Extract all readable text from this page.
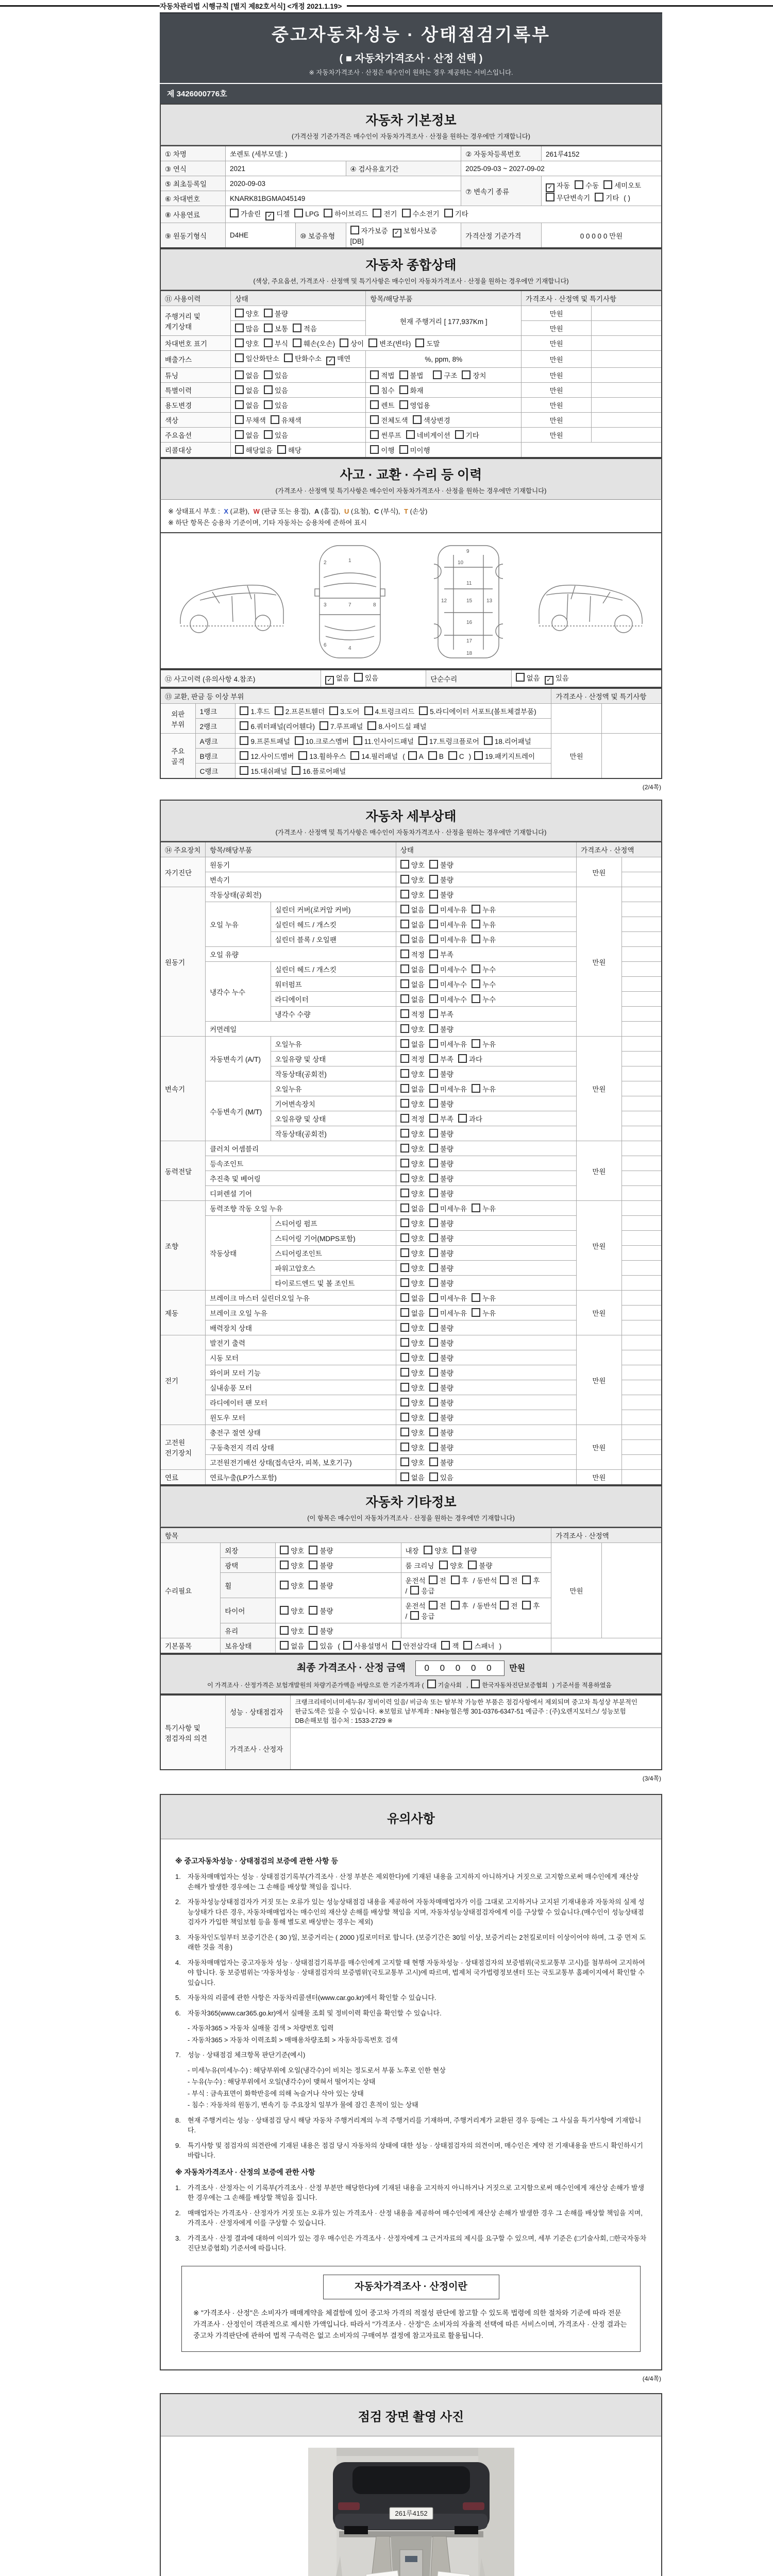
자동차관리법 시행규칙 [별지 제82호서식] <개정 2021.1.19>
중고자동차성능 · 상태점검기록부
( ■ 자동차가격조사 · 산정 선택 )
※ 자동차가격조사 · 산정은 매수인이 원하는 경우 제공하는 서비스입니다.
제 3426000776호
자동차 기본정보
(가격산정 기준가격은 매수인이 자동차가격조사 · 산정을 원하는 경우에만 기재합니다)
① 차명	쏘렌토 (세부모델: )			② 자동차등록번호	261루4152
③ 연식	2021		④ 검사유효기간	2025-09-03 ~ 2027-09-02	
⑤ 최초등록일	2020-09-03			⑦ 변속기 종류	✓자동 수동 세미오토무단변속기 기타 ( )
⑥ 차대번호	KNARK81BGMA045149				
⑧ 사용연료	가솔린 ✓ 디젤 LPG 하이브리드 전기 수소전기 기타
⑨ 원동기형식	D4HE	⑩ 보증유형	자가보증 ✓ 보험사보증[DB]	가격산정 기준가격	0 0 0 0 0 만원
자동차 종합상태
(색상, 주요옵션, 가격조사 · 산정액 및 특기사항은 매수인이 자동차가격조사 · 산정을 원하는 경우에만 기재합니다)
⑪ 사용이력	상태	항목/해당부품	가격조사 · 산정액 및 특기사항	
주행거리 및 계기상태	양호 불량	현재 주행거리 [ 177,937Km ]	만원	
	많음 보통 적음		만원	
차대번호 표기	양호 부식 훼손(오손) 상이 변조(변타) 도말		만원	
배출가스	일산화탄소 탄화수소 ✓ 매연	%, ppm, 8%	만원	
튜닝	없음 있음	적법 불법 구조 장치	만원	
특별이력	없음 있음	침수 화재	만원	
용도변경	없음 있음	렌트 영업용	만원	
색상	무채색 유채색	전체도색 색상변경	만원	
주요옵션	없음 있음	썬루프 네비게이션 기타	만원	
리콜대상	해당없음 해당	이행 미이행		
사고 · 교환 · 수리 등 이력
(가격조사 · 산정액 및 특기사항은 매수인이 자동차가격조사 · 산정을 원하는 경우에만 기재합니다)
※ 상태표시 부호 : X (교환), W (판금 또는 용접), A (흠집), U (요철), C (부식), T (손상)
※ 하단 항목은 승용차 기준이며, 기타 자동차는 승용차에 준하여 표시
1
7
4
2
3
6
8
9
10
11
12	13
15
16
17
18
⑫ 사고이력 (유의사항 4.참조)	✓없음 있음	단순수리	없음 ✓ 있음
⑬ 교환, 판금 등 이상 부위			가격조사 · 산정액 및 특기사항	
외판 부위	1랭크	1.후드 2.프론트휀더 3.도어 4.트렁크리드 5.라디에이터 서포트(볼트체결부품)		
	2랭크	6.쿼터패널(리어휀다) 7.루프패널 8.사이드실 패널		
주요 골격	A랭크	9.프론트패널 10.크로스멤버 11.인사이드패널 17.트렁크플로어 18.리어패널	만원	
	B랭크	12.사이드멤버 13.휠하우스 14.필러패널 ( A B C ) 19.패키지트레이		
	C랭크	15.대쉬패널 16.플로어패널		
(2/4쪽)
자동차 세부상태
(가격조사 · 산정액 및 특기사항은 매수인이 자동차가격조사 · 산정을 원하는 경우에만 기재합니다)
⑭ 주요장치	항목/해당부품		상태	가격조사 · 산정액	
자기진단	원동기		양호 불량	만원	
	변속기		양호 불량		
원동기	작동상태(공회전)		양호 불량	만원	
	오일 누유	실린더 커버(로커암 커버)	없음 미세누유 누유		
		실린더 헤드 / 개스킷	없음 미세누유 누유		
		실린더 블록 / 오일팬	없음 미세누유 누유		
	오일 유량		적정 부족		
	냉각수 누수	실린더 헤드 / 개스킷	없음 미세누수 누수		
		워터펌프	없음 미세누수 누수		
		라디에이터	없음 미세누수 누수		
		냉각수 수량	적정 부족		
	커먼레일		양호 불량		
변속기	자동변속기 (A/T)	오일누유	없음 미세누유 누유	만원	
		오일유량 및 상태	적정 부족 과다		
		작동상태(공회전)	양호 불량		
	수동변속기 (M/T)	오일누유	없음 미세누유 누유		
		기어변속장치	양호 불량		
		오일유량 및 상태	적정 부족 과다		
		작동상태(공회전)	양호 불량		
동력전달	클러치 어셈블리		양호 불량	만원	
	등속조인트		양호 불량		
	추진축 및 베어링		양호 불량		
	디퍼렌셜 기어		양호 불량		
조향	동력조향 작동 오일 누유		없음 미세누유 누유	만원	
	작동상태	스티어링 펌프	양호 불량		
		스티어링 기어(MDPS포함)	양호 불량		
		스티어링조인트	양호 불량		
		파워고압호스	양호 불량		
		타이로드엔드 및 볼 조인트	양호 불량		
제동	브레이크 마스터 실린더오일 누유		없음 미세누유 누유	만원	
	브레이크 오일 누유		없음 미세누유 누유		
	배력장치 상태		양호 불량		
전기	발전기 출력		양호 불량	만원	
	시동 모터		양호 불량		
	와이퍼 모터 기능		양호 불량		
	실내송풍 모터		양호 불량		
	라디에이터 팬 모터		양호 불량		
	윈도우 모터		양호 불량		
고전원 전기장치	충전구 절연 상태		양호 불량	만원	
	구동축전지 격리 상태		양호 불량		
	고전원전기배선 상태(접속단자, 피복, 보호기구)		양호 불량		
연료	연료누출(LP가스포함)		없음 있음	만원	
자동차 기타정보
(이 항목은 매수인이 자동차가격조사 · 산정을 원하는 경우에만 기재합니다)
항목				가격조사 · 산정액	
수리필요	외장	양호 불량	내장 양호 불량	만원	
	광택	양호 불량	룸 크리닝 양호 불량		
	휠	양호 불량	운전석 전 후 / 동반석 전 후/ 응급		
	타이어	양호 불량	운전석 전 후 / 동반석 전 후/ 응급		
	유리	양호 불량			
기본품목	보유상태	없음 있음 ( 사용설명서 안전삼각대 잭 스패너 )			
최종 가격조사 · 산정 금액 0 0 0 0 0 만원
이 가격조사 · 산정가격은 보험개발원의 차량기준가액을 바탕으로 한 기준가격과 ( 기술사회 , 한국자동차진단보증협회 ) 기준서를 적용하였음
특기사항 및 점검자의 의견	성능 · 상태점검자	크랭크리테이너미세누유/ 정비이력 있음/ 비금속 또는 탈부착 가능한 부품은 점검사항에서 제외되며 중고차 특성상 부분적인 판금도색은 있을 수 있습니다. ※보험료 납부계좌 : NH농협은행 301-0376-6347-51 예금주 : (주)오렌지모터스/ 성능보험 DB손해보험 접수처 : 1533-2729 ※
	가격조사 · 산정자	
(3/4쪽)
유의사항
※ 중고자동차성능 · 상태점검의 보증에 관한 사항 등
1.	자동차매매업자는 성능 · 상태점검기록부(가격조사 · 산정 부분은 제외한다)에 기재된 내용을 고지하지 아니하거나 거짓으로 고지함으로써 매수인에게 재산상 손해가 발생한 경우에는 그 손해를 배상할 책임을 집니다.
2.	자동차성능상태점검자가 거짓 또는 오류가 있는 성능상태점검 내용을 제공하여 자동차매매업자가 이를 그대로 고지하거나 고지된 기재내용과 자동차의 실제 성능상태가 다른 경우, 자동차매매업자는 매수인의 재산상 손해를 배상할 책임을 지며, 자동차성능상태점검자에게 이를 구상할 수 있습니다.(매수인이 성능상태점검자가 가입한 책임보험 등을 통해 별도로 배상받는 경우는 제외)
3.	자동차인도일부터 보증기간은 ( 30 )일, 보증거리는 ( 2000 )킬로미터로 합니다. (보증기간은 30일 이상, 보증거리는 2천킬로미터 이상이어야 하며, 그 중 먼저 도래한 것을 적용)
4.	자동차매매업자는 중고자동차 성능 · 상태점검기록부를 매수인에게 고지할 때 현행 자동차성능 · 상태점검자의 보증범위(국토교통부 고시)를 첨부하여 고지하여야 합니다. 동 보증범위는 '자동차성능 · 상태점검자의 보증범위'(국토교통부 고시)에 따르며, 법제처 국가법령정보센터 또는 국토교통부 홈페이지에서 확인할 수 있습니다.
5.	자동차의 리콜에 관한 사항은 자동차리콜센터(www.car.go.kr)에서 확인할 수 있습니다.
6.	자동차365(www.car365.go.kr)에서 실매물 조회 및 정비이력 확인을 확인할 수 있습니다.
- 자동차365 > 자동차 실매물 검색 > 차량번호 입력
- 자동차365 > 자동차 이력조회 > 매매용차량조회 > 자동차등록번호 검색
7.	성능 · 상태점검 체크항목 판단기준(예시)
- 미세누유(미세누수) : 해당부위에 오일(냉각수)이 비치는 정도로서 부품 노후로 인한 현상
- 누유(누수) : 해당부위에서 오일(냉각수)이 맺혀서 떨어지는 상태
- 부식 : 금속표면이 화학반응에 의해 녹슬거나 삭아 있는 상태
- 침수 : 자동차의 원동기, 변속기 등 주요장치 일부가 물에 잠긴 흔적이 있는 상태
8.	현재 주행거리는 성능 · 상태점검 당시 해당 자동차 주행거리계의 누적 주행거리를 기재하며, 주행거리계가 교환된 경우 등에는 그 사실을 특기사항에 기재합니다.
9.	특기사항 및 점검자의 의견란에 기재된 내용은 점검 당시 자동차의 상태에 대한 성능 · 상태점검자의 의견이며, 매수인은 계약 전 기재내용을 반드시 확인하시기 바랍니다.
※ 자동차가격조사 · 산정의 보증에 관한 사항
1.	가격조사 · 산정자는 이 기록부(가격조사 · 산정 부분만 해당한다)에 기재된 내용을 고지하지 아니하거나 거짓으로 고지함으로써 매수인에게 재산상 손해가 발생한 경우에는 그 손해를 배상할 책임을 집니다.
2.	매매업자는 가격조사 · 산정자가 거짓 또는 오류가 있는 가격조사 · 산정 내용을 제공하여 매수인에게 재산상 손해가 발생한 경우 그 손해를 배상할 책임을 지며, 가격조사 · 산정자에게 이를 구상할 수 있습니다.
3.	가격조사 · 산정 결과에 대하여 이의가 있는 경우 매수인은 가격조사 · 산정자에게 그 근거자료의 제시를 요구할 수 있으며, 세부 기준은 (□기술사회, □한국자동차진단보증협회) 기준서에 따릅니다.
자동차가격조사 · 산정이란
※ "가격조사 · 산정"은 소비자가 매매계약을 체결함에 있어 중고차 가격의 적절성 판단에 참고할 수 있도록 법령에 의한 절차와 기준에 따라 전문 가격조사 · 산정인이 객관적으로 제시한 가액입니다. 따라서 "가격조사 · 산정"은 소비자의 자율적 선택에 따른 서비스이며, 가격조사 · 산정 결과는 중고차 가격판단에 관하여 법적 구속력은 없고 소비자의 구매여부 결정에 참고자료로 활용됩니다.
(4/4쪽)
점검 장면 촬영 사진
261루4152
